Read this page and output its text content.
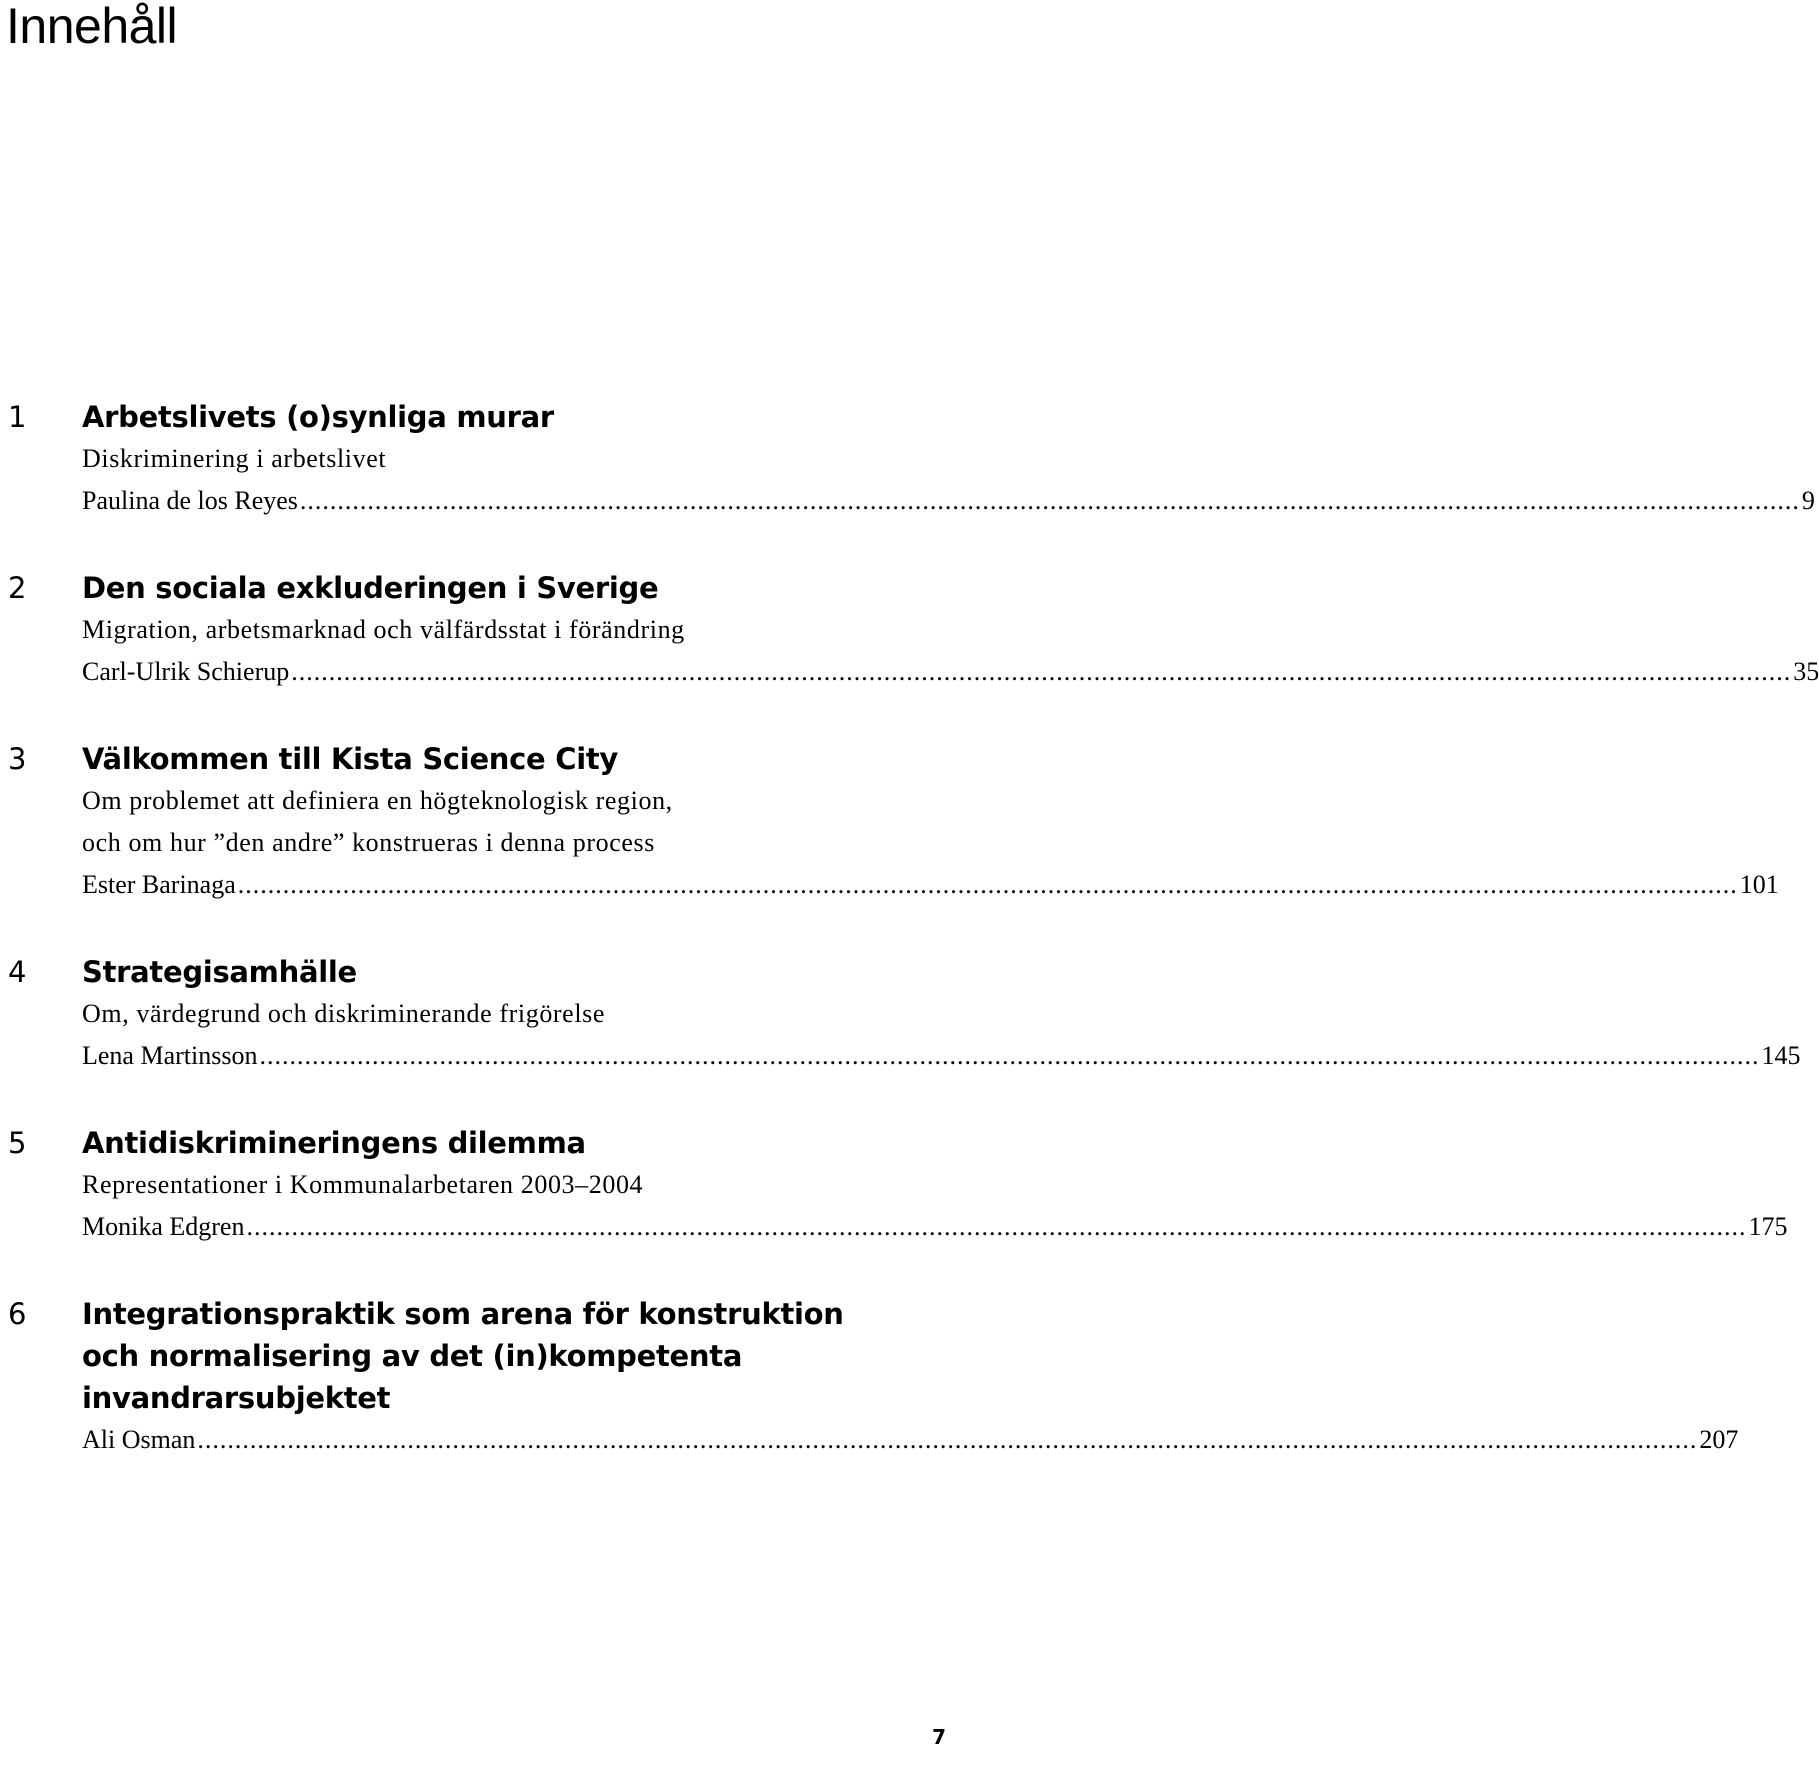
Innehåll
1 Arbetslivets (o)synliga murar
Diskriminering i arbetslivet
Paulina de los Reyes ........................................................................................................................................................................................................ 9
2 Den sociala exkluderingen i Sverige
Migration, arbetsmarknad och välfärdsstat i förändring
Carl-Ulrik Schierup ........................................................................................................................................................................................................ 35
3 Välkommen till Kista Science City
Om problemet att definiera en högteknologisk region,
och om hur ”den andre” konstrueras i denna process
Ester Barinaga ........................................................................................................................................................................................................ 101
4 Strategisamhälle
Om, värdegrund och diskriminerande frigörelse
Lena Martinsson ........................................................................................................................................................................................................ 145
5 Antidiskrimineringens dilemma
Representationer i Kommunalarbetaren 2003–2004
Monika Edgren ........................................................................................................................................................................................................ 175
6 Integrationspraktik som arena för konstruktion
och normalisering av det (in)kompetenta
invandrarsubjektet
Ali Osman ........................................................................................................................................................................................................ 207
7
